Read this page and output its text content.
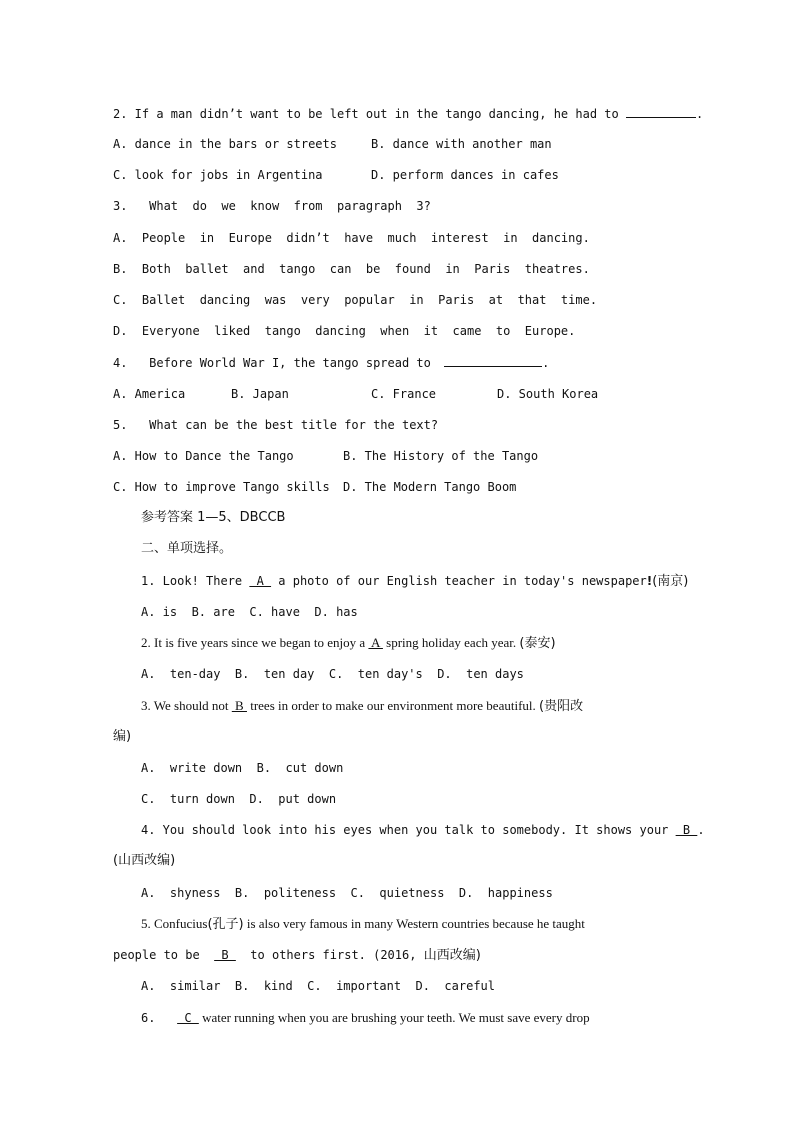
2. If a man didn’t want to be left out in the tango dancing, he had to	.
A. dance in the bars or streets	B. dance with another man
C. look for jobs in Argentina	D. perform dances in cafes
3.   What  do  we  know  from  paragraph  3?
A.  People  in  Europe  didn’t  have  much  interest  in  dancing.
B.  Both  ballet  and  tango  can  be  found  in  Paris  theatres.
C.  Ballet  dancing  was  very  popular  in  Paris  at  that  time.
D.  Everyone  liked  tango  dancing  when  it  came  to  Europe.
4.   Before World War I, the tango spread to	.
A. America	B. Japan	C. France	D. South Korea
5.   What can be the best title for the text?
A. How to Dance the Tango	B. The History of the Tango
C. How to improve Tango skills D. The Modern Tango Boom
参考答案 1—5、DBCCB
二、单项选择。
1. Look! There  A  a photo of our English teacher in today's newspaper!(南京)
A. is  B. are  C. have  D. has
2. It is five years since we began to enjoy a  A  spring holiday each year. (泰安)
A.  ten-day  B.  ten day  C.  ten day's  D.  ten days
3. We should not  B  trees in order to make our environment more beautiful. (贵阳改
编)
A.  write down  B.  cut down
C.  turn down  D.  put down
4. You should look into his eyes when you talk to somebody. It shows your  B .
(山西改编)
A.  shyness  B.  politeness  C.  quietness  D.  happiness
5. Confucius(孔子) is also very famous in many Western countries because he taught
people to be   B   to others first. (2016, 山西改编)
A.  similar  B.  kind  C.  important  D.  careful
6.    C  water running when you are brushing your teeth. We must save every drop
